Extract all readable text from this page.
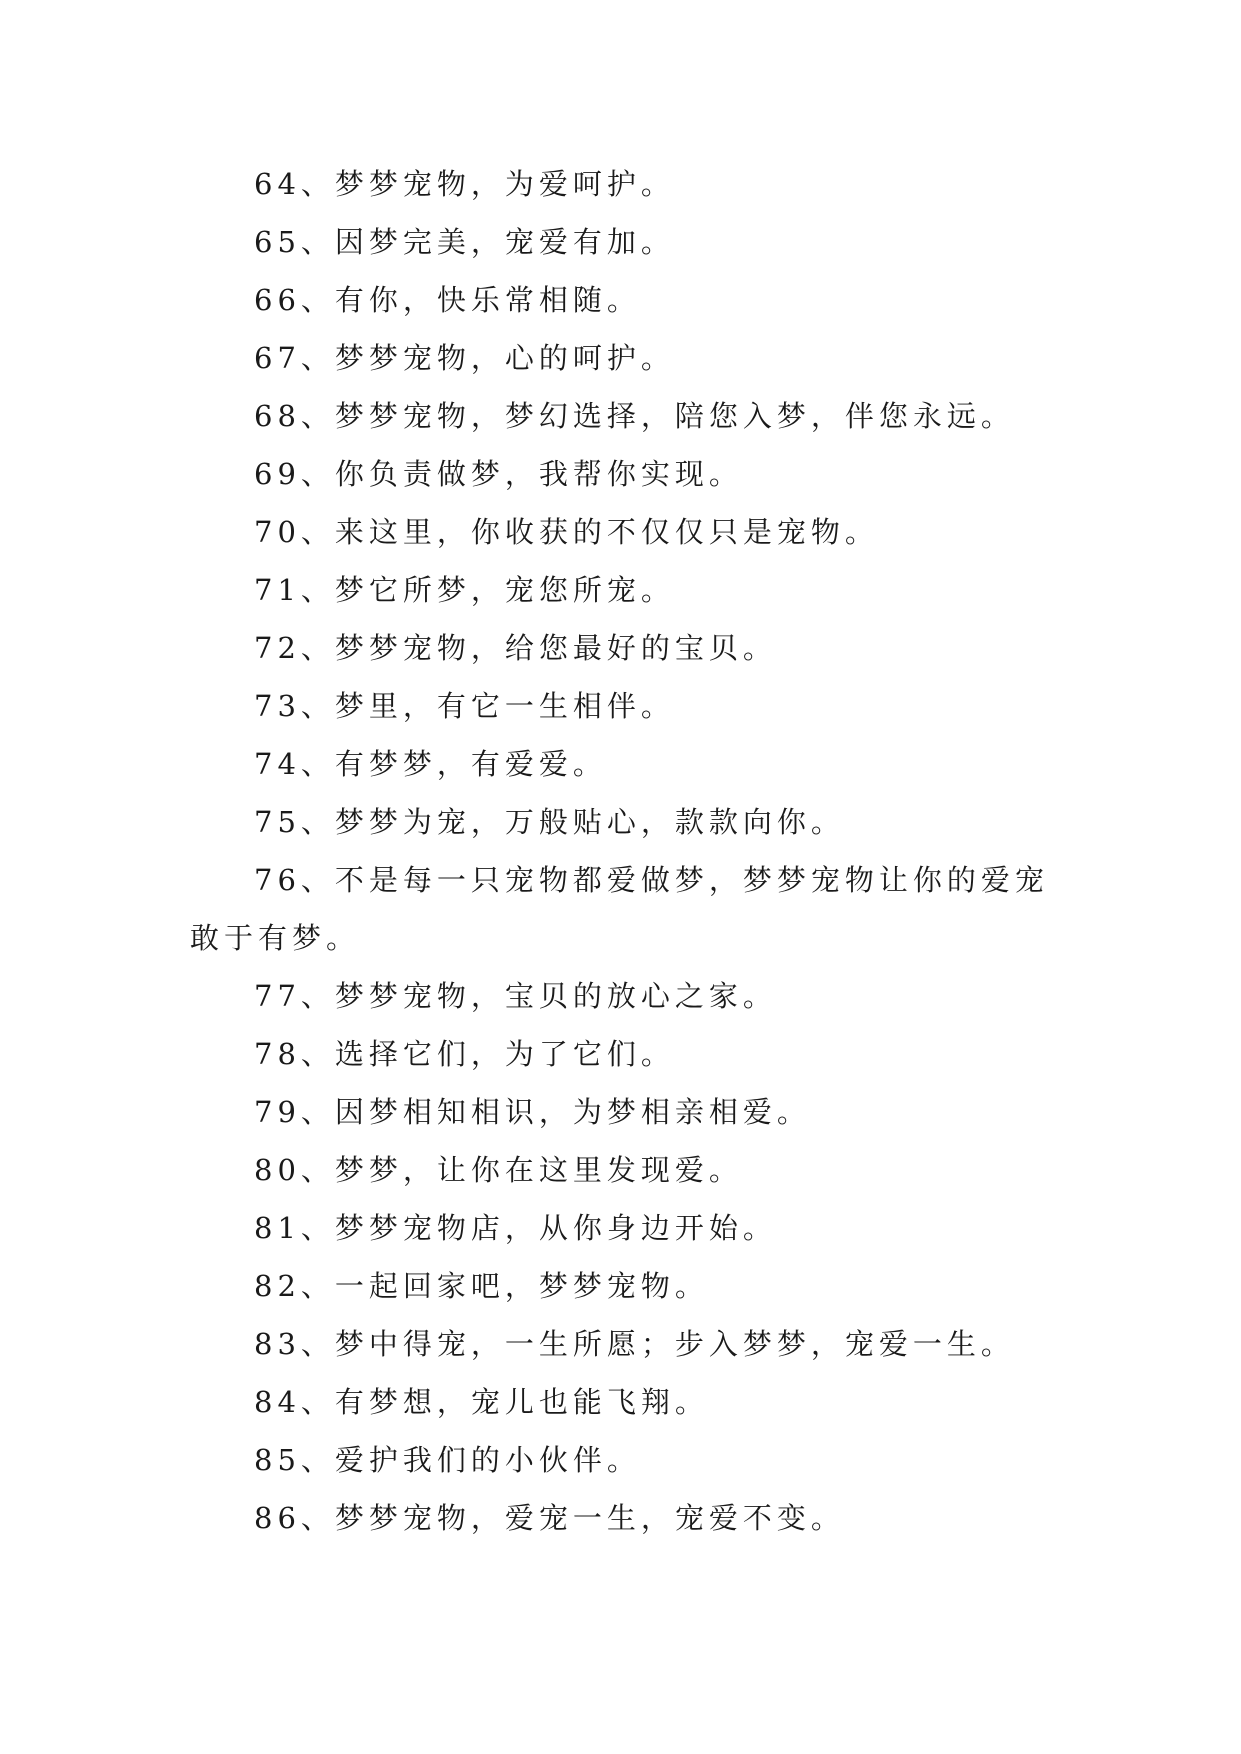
64、梦梦宠物，为爱呵护。
65、因梦完美，宠爱有加。
66、有你，快乐常相随。
67、梦梦宠物，心的呵护。
68、梦梦宠物，梦幻选择，陪您入梦，伴您永远。
69、你负责做梦，我帮你实现。
70、来这里，你收获的不仅仅只是宠物。
71、梦它所梦，宠您所宠。
72、梦梦宠物，给您最好的宝贝。
73、梦里，有它一生相伴。
74、有梦梦，有爱爱。
75、梦梦为宠，万般贴心，款款向你。
76、不是每一只宠物都爱做梦，梦梦宠物让你的爱宠敢于有梦。
77、梦梦宠物，宝贝的放心之家。
78、选择它们，为了它们。
79、因梦相知相识，为梦相亲相爱。
80、梦梦，让你在这里发现爱。
81、梦梦宠物店，从你身边开始。
82、一起回家吧，梦梦宠物。
83、梦中得宠，一生所愿；步入梦梦，宠爱一生。
84、有梦想，宠儿也能飞翔。
85、爱护我们的小伙伴。
86、梦梦宠物，爱宠一生，宠爱不变。
